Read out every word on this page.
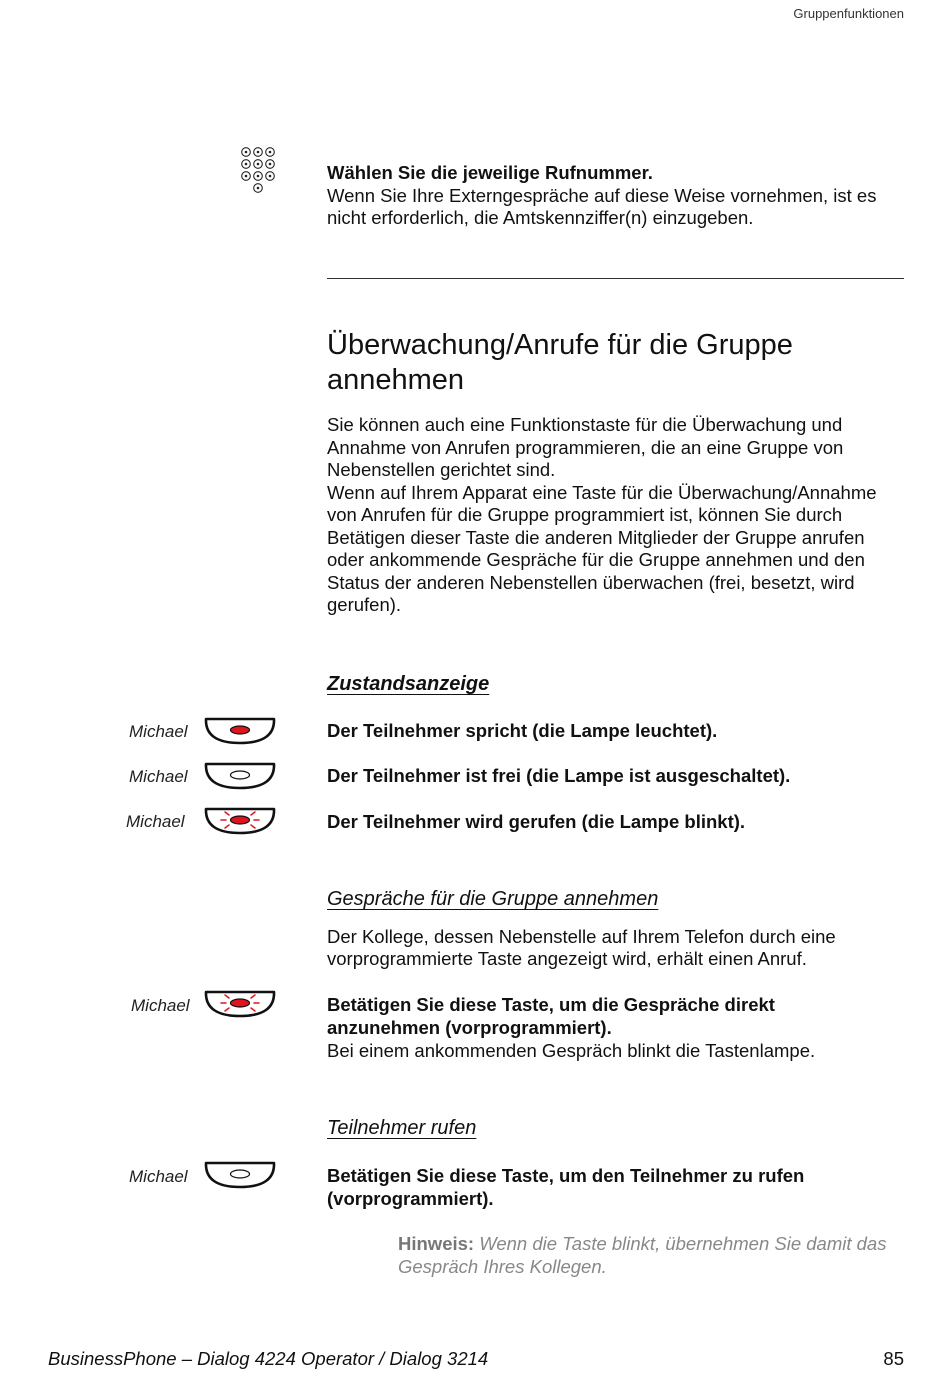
Gruppenfunktionen
Wählen Sie die jeweilige Rufnummer.
Wenn Sie Ihre Externgespräche auf diese Weise vornehmen, ist es
nicht erforderlich, die Amtskennziffer(n) einzugeben.
Überwachung/Anrufe für die Gruppe
annehmen
Sie können auch eine Funktionstaste für die Überwachung und
Annahme von Anrufen programmieren, die an eine Gruppe von
Nebenstellen gerichtet sind.
Wenn auf Ihrem Apparat eine Taste für die Überwachung/Annahme
von Anrufen für die Gruppe programmiert ist, können Sie durch
Betätigen dieser Taste die anderen Mitglieder der Gruppe anrufen
oder ankommende Gespräche für die Gruppe annehmen und den
Status der anderen Nebenstellen überwachen (frei, besetzt, wird
gerufen).
Zustandsanzeige
Michael	Der Teilnehmer spricht (die Lampe leuchtet).
Michael	Der Teilnehmer ist frei (die Lampe ist ausgeschaltet).
Michael	Der Teilnehmer wird gerufen (die Lampe blinkt).
Gespräche für die Gruppe annehmen
Der Kollege, dessen Nebenstelle auf Ihrem Telefon durch eine
vorprogrammierte Taste angezeigt wird, erhält einen Anruf.
Michael	Betätigen Sie diese Taste, um die Gespräche direkt
anzunehmen (vorprogrammiert).
Bei einem ankommenden Gespräch blinkt die Tastenlampe.
Teilnehmer rufen
Michael	Betätigen Sie diese Taste, um den Teilnehmer zu rufen
(vorprogrammiert).
Hinweis: Wenn die Taste blinkt, übernehmen Sie damit das
Gespräch Ihres Kollegen.
BusinessPhone – Dialog 4224 Operator / Dialog 3214	85
